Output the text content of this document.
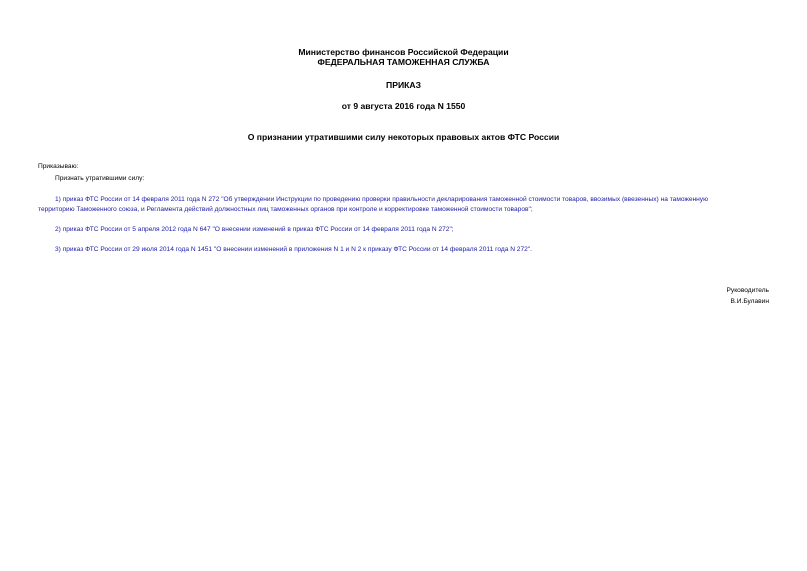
Министерство финансов Российской Федерации
ФЕДЕРАЛЬНАЯ ТАМОЖЕННАЯ СЛУЖБА
ПРИКАЗ
от 9 августа 2016 года N 1550
О признании утратившими силу некоторых правовых актов ФТС России
Приказываю:
Признать утратившими силу:
1) приказ ФТС России от 14 февраля 2011 года N 272 "Об утверждении Инструкции по проведению проверки правильности декларирования таможенной стоимости товаров, ввозимых (ввезенных) на таможенную
территорию Таможенного союза, и Регламента действий должностных лиц таможенных органов при контроле и корректировке таможенной стоимости товаров";
2) приказ ФТС России от 5 апреля 2012 года N 647 "О внесении изменений в приказ ФТС России от 14 февраля 2011 года N 272";
3) приказ ФТС России от 29 июля 2014 года N 1451 "О внесении изменений в приложения N 1 и N 2 к приказу ФТС России от 14 февраля 2011 года N 272".
Руководитель
В.И.Булавин
